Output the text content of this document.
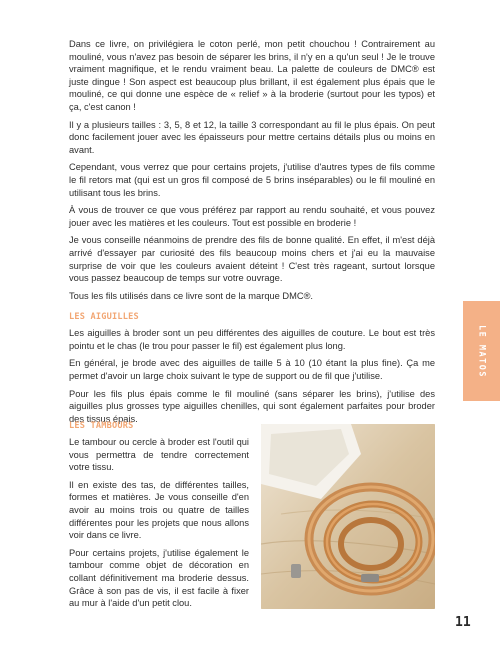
Dans ce livre, on privilégiera le coton perlé, mon petit chouchou ! Contrairement au mouliné, vous n'avez pas besoin de séparer les brins, il n'y en a qu'un seul ! Je le trouve vraiment magnifique, et le rendu vraiment beau. La palette de couleurs de DMC® est juste dingue ! Son aspect est beaucoup plus brillant, il est également plus épais que le mouliné, ce qui donne une espèce de « relief » à la broderie (surtout pour les typos) et ça, c'est canon !

Il y a plusieurs tailles : 3, 5, 8 et 12, la taille 3 correspondant au fil le plus épais. On peut donc facilement jouer avec les épaisseurs pour mettre certains détails plus ou moins en avant.

Cependant, vous verrez que pour certains projets, j'utilise d'autres types de fils comme le fil retors mat (qui est un gros fil composé de 5 brins inséparables) ou le fil mouliné en utilisant tous les brins.

À vous de trouver ce que vous préférez par rapport au rendu souhaité, et vous pouvez jouer avec les matières et les couleurs. Tout est possible en broderie !

Je vous conseille néanmoins de prendre des fils de bonne qualité. En effet, il m'est déjà arrivé d'essayer par curiosité des fils beaucoup moins chers et j'ai eu la mauvaise surprise de voir que les couleurs avaient déteint ! C'est très rageant, surtout lorsque vous passez beaucoup de temps sur votre ouvrage.

Tous les fils utilisés dans ce livre sont de la marque DMC®.

LES AIGUILLES

Les aiguilles à broder sont un peu différentes des aiguilles de couture. Le bout est très pointu et le chas (le trou pour passer le fil) est également plus long.

En général, je brode avec des aiguilles de taille 5 à 10 (10 étant la plus fine). Ça me permet d'avoir un large choix suivant le type de support ou de fil que j'utilise.

Pour les fils plus épais comme le fil mouliné (sans séparer les brins), j'utilise des aiguilles plus grosses type aiguilles chenilles, qui sont également parfaites pour broder des tissus épais.

LES TAMBOURS

Le tambour ou cercle à broder est l'outil qui vous permettra de tendre correctement votre tissu.

Il en existe des tas, de différentes tailles, formes et matières. Je vous conseille d'en avoir au moins trois ou quatre de tailles différentes pour les projets que nous allons voir dans ce livre.

Pour certains projets, j'utilise également le tambour comme objet de décoration en collant définitivement ma broderie dessus. Grâce à son pas de vis, il est facile à fixer au mur à l'aide d'un petit clou.

LE MATOS
11
